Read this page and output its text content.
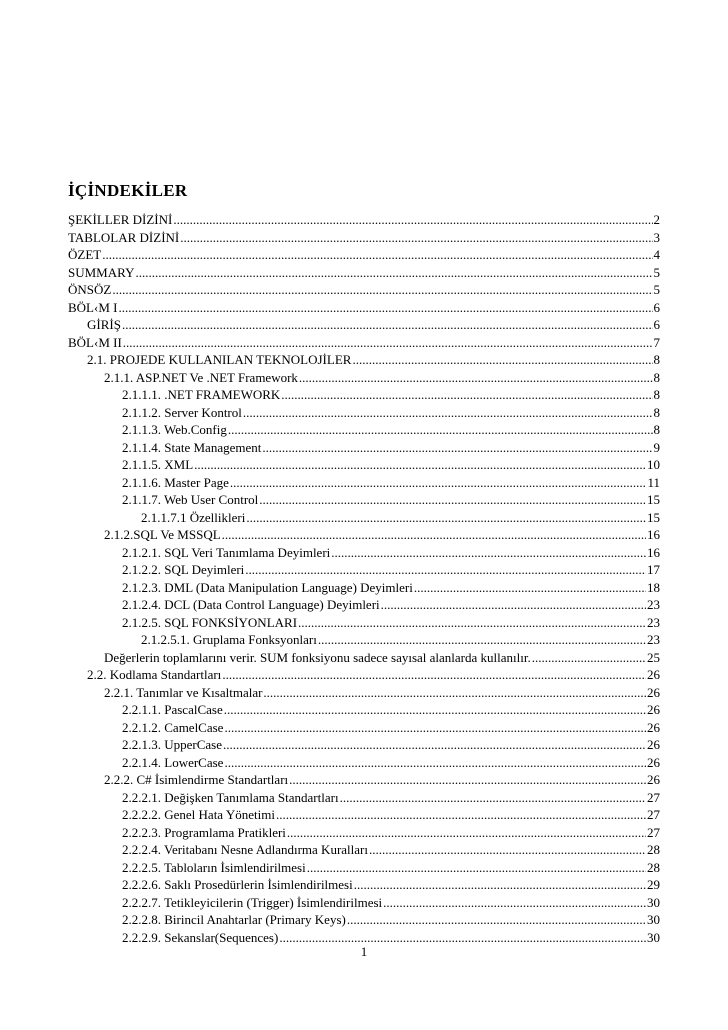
İÇİNDEKİLER
ŞEKİLLER DİZİNİ .....	2
TABLOLAR DİZİNİ .....	3
ÖZET .....	4
SUMMARY .....	5
ÖNSÖZ .....	5
BÖL‹M I .....	6
GİRİŞ .....	6
BÖL‹M II .....	7
2.1. PROJEDE KULLANILAN TEKNOLOJİLER .....	8
2.1.1. ASP.NET Ve .NET Framework .....	8
2.1.1.1. .NET FRAMEWORK .....	8
2.1.1.2. Server Kontrol .....	8
2.1.1.3. Web.Config .....	8
2.1.1.4. State Management .....	9
2.1.1.5. XML .....	10
2.1.1.6. Master Page .....	11
2.1.1.7. Web User Control .....	15
2.1.1.7.1 Özellikleri .....	15
2.1.2.SQL Ve MSSQL .....	16
2.1.2.1. SQL Veri Tanımlama Deyimleri .....	16
2.1.2.2. SQL Deyimleri .....	17
2.1.2.3. DML (Data Manipulation Language) Deyimleri .....	18
2.1.2.4. DCL (Data Control Language) Deyimleri .....	23
2.1.2.5. SQL FONKSİYONLARI .....	23
2.1.2.5.1. Gruplama Fonksyonları .....	23
Değerlerin toplamlarını verir. SUM fonksiyonu sadece sayısal alanlarda kullanılır. .....	25
2.2. Kodlama Standartları .....	26
2.2.1. Tanımlar ve Kısaltmalar .....	26
2.2.1.1. PascalCase .....	26
2.2.1.2. CamelCase .....	26
2.2.1.3. UpperCase .....	26
2.2.1.4. LowerCase .....	26
2.2.2. C# İsimlendirme Standartları .....	26
2.2.2.1. Değişken Tanımlama Standartları .....	27
2.2.2.2. Genel Hata Yönetimi .....	27
2.2.2.3. Programlama Pratikleri .....	27
2.2.2.4. Veritabanı Nesne Adlandırma Kuralları .....	28
2.2.2.5. Tabloların İsimlendirilmesi .....	28
2.2.2.6. Saklı Prosedürlerin İsimlendirilmesi .....	29
2.2.2.7. Tetikleyicilerin (Trigger) İsimlendirilmesi .....	30
2.2.2.8. Birincil Anahtarlar (Primary Keys) .....	30
2.2.2.9. Sekanslar(Sequences) .....	30
1
